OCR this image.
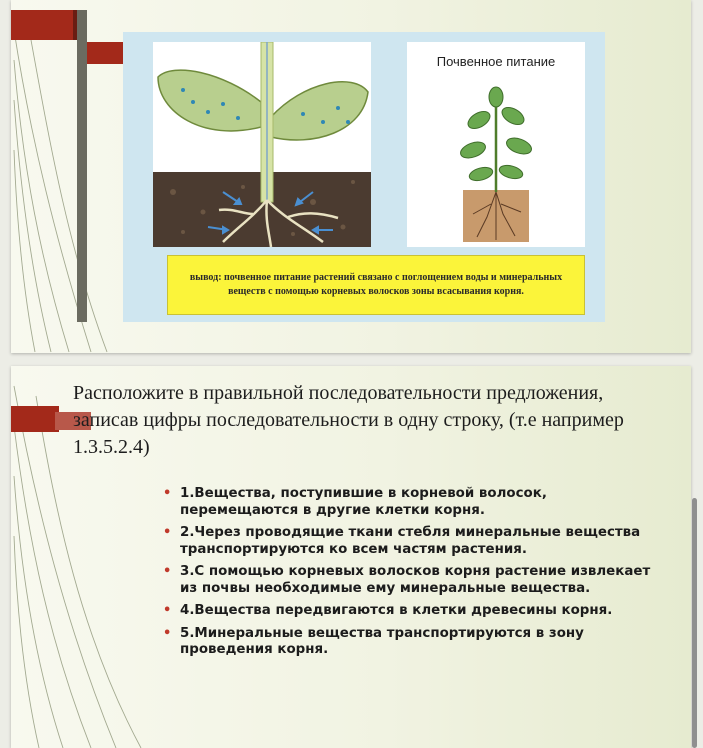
Почвенное питание
вывод: почвенное питание растений связано с поглощением воды и минеральных веществ с помощью корневых волосков зоны всасывания корня.
Расположите в правильной последовательности предложения, записав цифры последовательности в одну строку, (т.е например 1.3.5.2.4)
• 1.Вещества, поступившие в корневой волосок, перемещаются в другие клетки корня.
• 2.Через проводящие ткани стебля минеральные вещества транспортируются ко всем частям растения.
• 3.С помощью корневых волосков корня растение извлекает из почвы необходимые ему минеральные вещества.
• 4.Вещества передвигаются в клетки древесины корня.
• 5.Минеральные вещества транспортируются в зону проведения корня.
